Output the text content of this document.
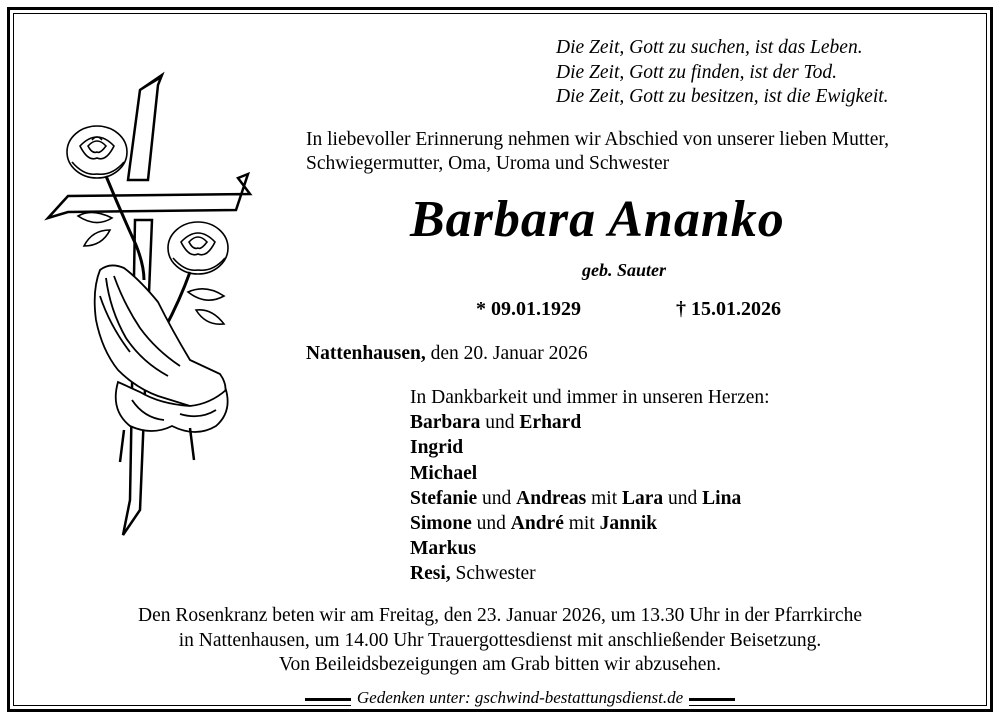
Die Zeit, Gott zu suchen, ist das Leben.
Die Zeit, Gott zu finden, ist der Tod.
Die Zeit, Gott zu besitzen, ist die Ewigkeit.
In liebevoller Erinnerung nehmen wir Abschied von unserer lieben Mutter,
Schwiegermutter, Oma, Uroma und Schwester
Barbara Ananko
geb. Sauter
* 09.01.1929	† 15.01.2026
Nattenhausen, den 20. Januar 2026
In Dankbarkeit und immer in unseren Herzen:
Barbara und Erhard
Ingrid
Michael
Stefanie und Andreas mit Lara und Lina
Simone und André mit Jannik
Markus
Resi, Schwester
Den Rosenkranz beten wir am Freitag, den 23. Januar 2026, um 13.30 Uhr in der Pfarrkirche
in Nattenhausen, um 14.00 Uhr Trauergottesdienst mit anschließender Beisetzung.
Von Beileidsbezeigungen am Grab bitten wir abzusehen.
Gedenken unter: gschwind-bestattungsdienst.de
